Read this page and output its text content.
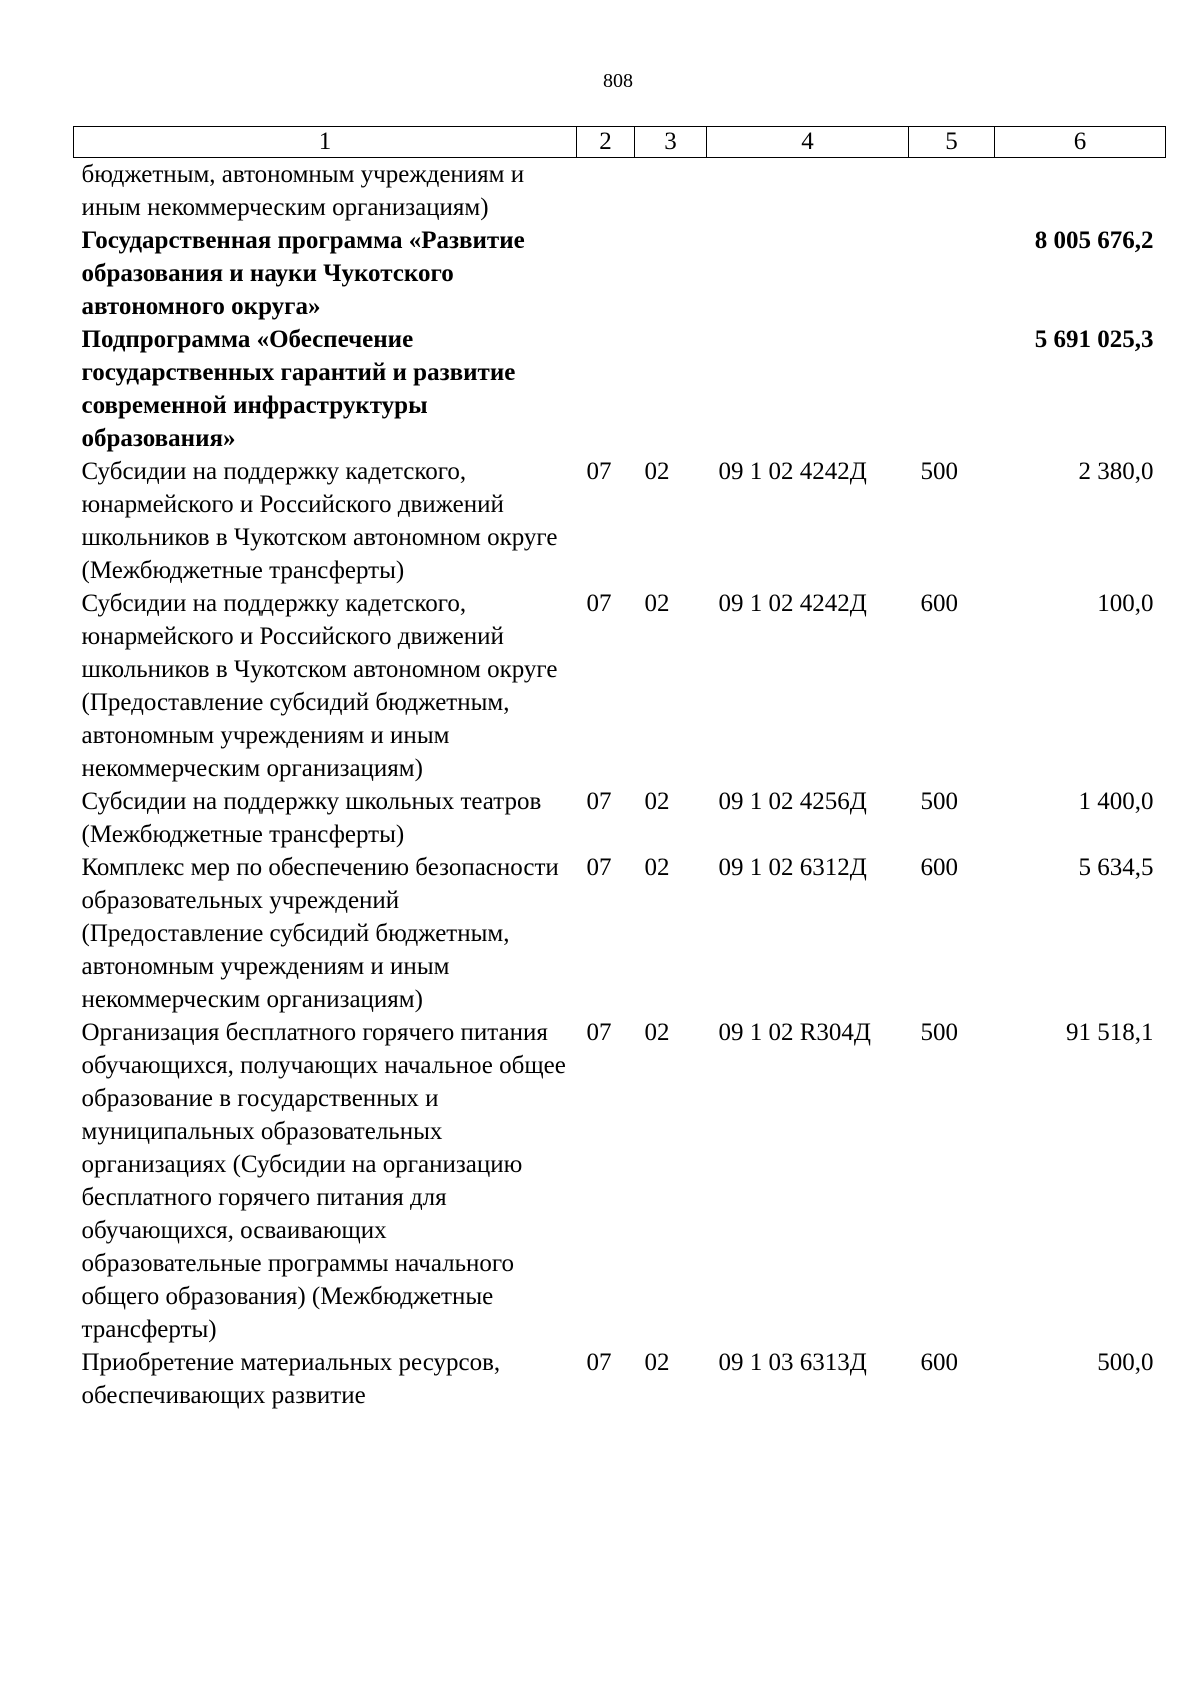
808
1	2	3	4	5	6
бюджетным, автономным учреждениям и иным некоммерческим организациям)					
Государственная программа «Развитие образования и науки Чукотского автономного округа»					8 005 676,2
Подпрограмма «Обеспечение государственных гарантий и развитие современной инфраструктуры образования»					5 691 025,3
Субсидии на поддержку кадетского, юнармейского и Российского движений школьников в Чукотском автономном округе (Межбюджетные трансферты)	07	02	09 1 02 4242Д	500	2 380,0
Субсидии на поддержку кадетского, юнармейского и Российского движений школьников в Чукотском автономном округе (Предоставление субсидий бюджетным, автономным учреждениям и иным некоммерческим организациям)	07	02	09 1 02 4242Д	600	100,0
Субсидии на поддержку школьных театров (Межбюджетные трансферты)	07	02	09 1 02 4256Д	500	1 400,0
Комплекс мер по обеспечению безопасности образовательных учреждений (Предоставление субсидий бюджетным, автономным учреждениям и иным некоммерческим организациям)	07	02	09 1 02 6312Д	600	5 634,5
Организация бесплатного горячего питания обучающихся, получающих начальное общее образование в государственных и муниципальных образовательных организациях (Субсидии на организацию бесплатного горячего питания для обучающихся, осваивающих образовательные программы начального общего образования) (Межбюджетные трансферты)	07	02	09 1 02 R304Д	500	91 518,1
Приобретение материальных ресурсов, обеспечивающих развитие	07	02	09 1 03 6313Д	600	500,0
